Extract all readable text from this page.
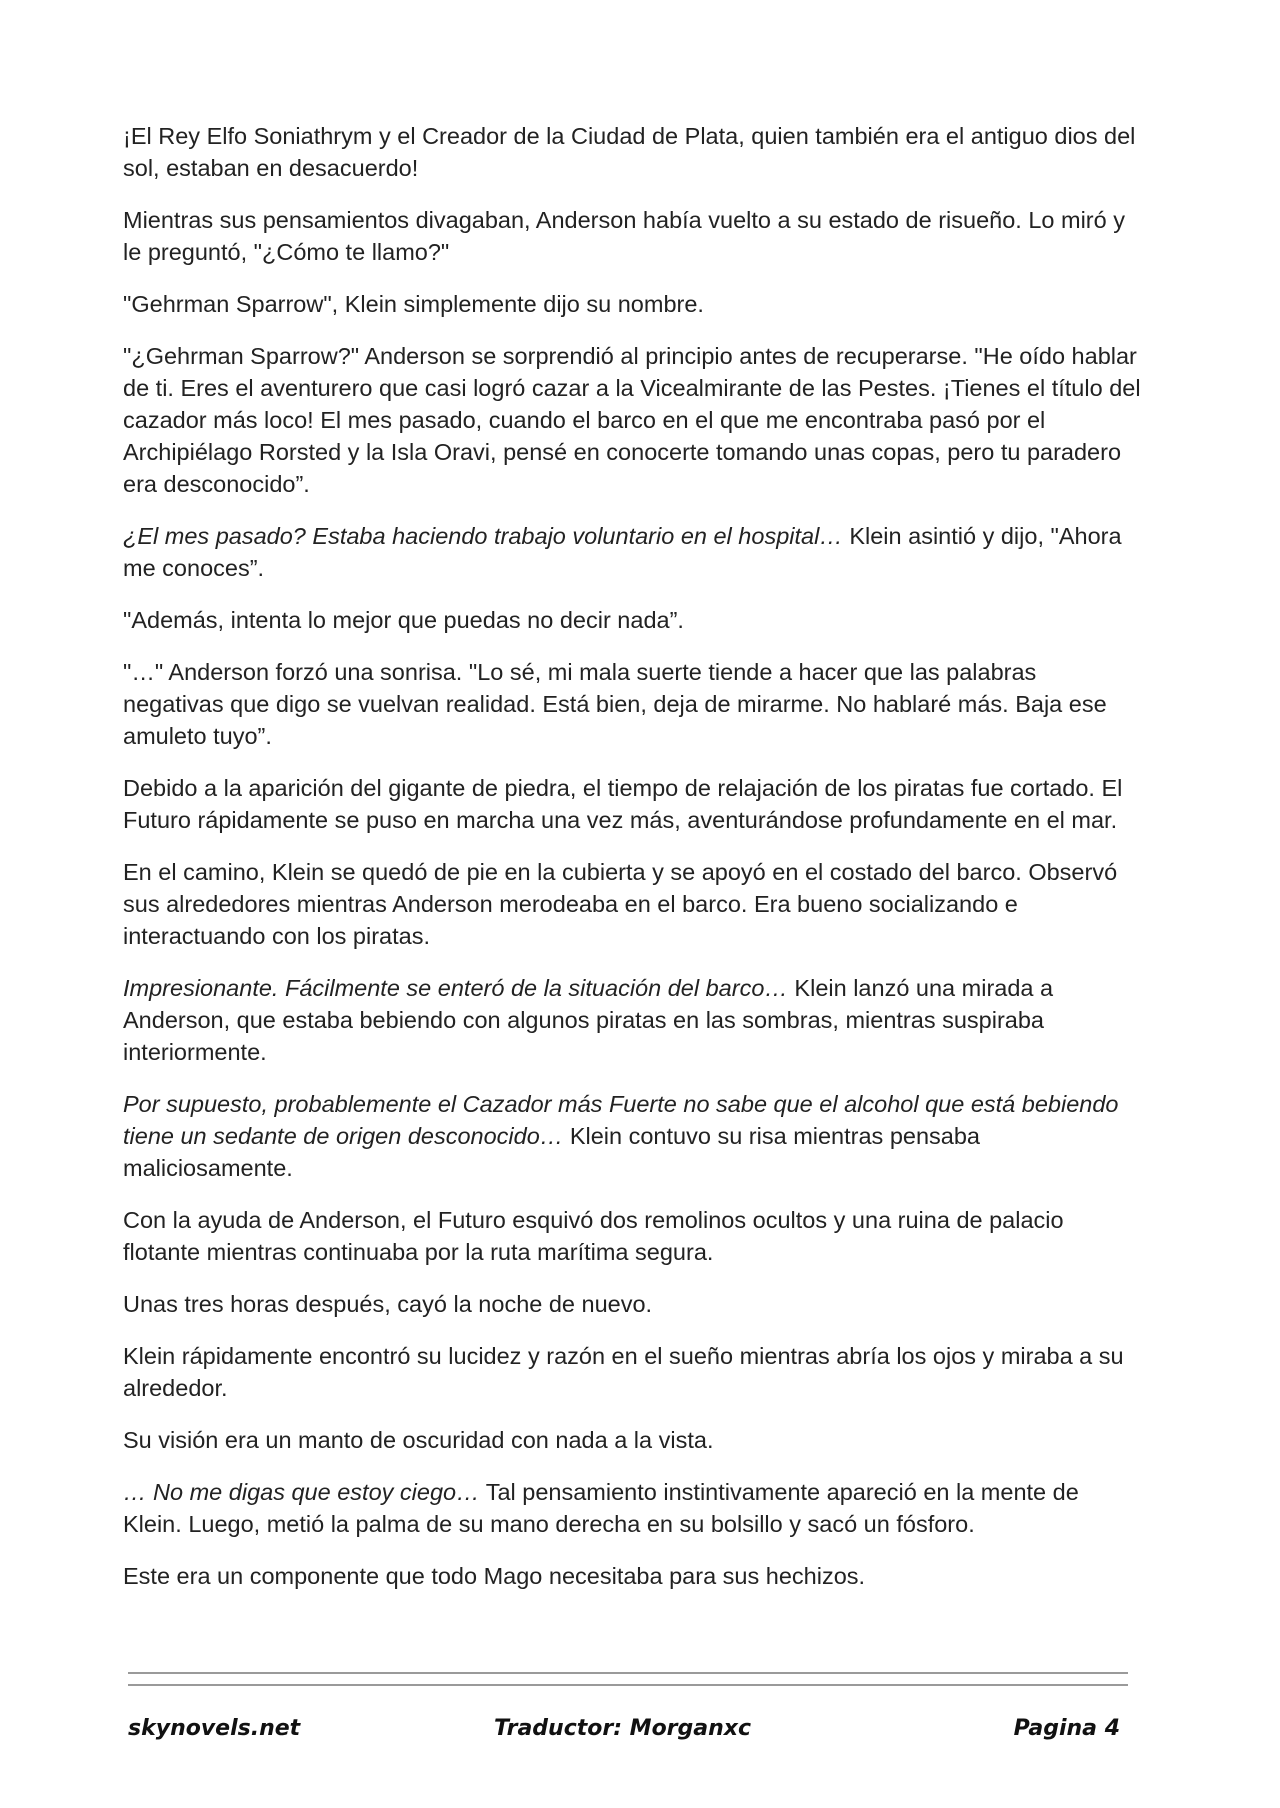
¡El Rey Elfo Soniathrym y el Creador de la Ciudad de Plata, quien también era el antiguo dios del sol, estaban en desacuerdo!

Mientras sus pensamientos divagaban, Anderson había vuelto a su estado de risueño. Lo miró y le preguntó, "¿Cómo te llamo?"

"Gehrman Sparrow", Klein simplemente dijo su nombre.

"¿Gehrman Sparrow?" Anderson se sorprendió al principio antes de recuperarse. "He oído hablar de ti. Eres el aventurero que casi logró cazar a la Vicealmirante de las Pestes. ¡Tienes el título del cazador más loco! El mes pasado, cuando el barco en el que me encontraba pasó por el Archipiélago Rorsted y la Isla Oravi, pensé en conocerte tomando unas copas, pero tu paradero era desconocido”.

¿El mes pasado? Estaba haciendo trabajo voluntario en el hospital… Klein asintió y dijo, "Ahora me conoces”.

"Además, intenta lo mejor que puedas no decir nada”.

"…" Anderson forzó una sonrisa. "Lo sé, mi mala suerte tiende a hacer que las palabras negativas que digo se vuelvan realidad. Está bien, deja de mirarme. No hablaré más. Baja ese amuleto tuyo”.

Debido a la aparición del gigante de piedra, el tiempo de relajación de los piratas fue cortado. El Futuro rápidamente se puso en marcha una vez más, aventurándose profundamente en el mar.

En el camino, Klein se quedó de pie en la cubierta y se apoyó en el costado del barco. Observó sus alrededores mientras Anderson merodeaba en el barco. Era bueno socializando e interactuando con los piratas.

Impresionante. Fácilmente se enteró de la situación del barco… Klein lanzó una mirada a Anderson, que estaba bebiendo con algunos piratas en las sombras, mientras suspiraba interiormente.

Por supuesto, probablemente el Cazador más Fuerte no sabe que el alcohol que está bebiendo tiene un sedante de origen desconocido… Klein contuvo su risa mientras pensaba maliciosamente.

Con la ayuda de Anderson, el Futuro esquivó dos remolinos ocultos y una ruina de palacio flotante mientras continuaba por la ruta marítima segura.

Unas tres horas después, cayó la noche de nuevo.

Klein rápidamente encontró su lucidez y razón en el sueño mientras abría los ojos y miraba a su alrededor.

Su visión era un manto de oscuridad con nada a la vista.

… No me digas que estoy ciego… Tal pensamiento instintivamente apareció en la mente de Klein. Luego, metió la palma de su mano derecha en su bolsillo y sacó un fósforo.

Este era un componente que todo Mago necesitaba para sus hechizos.

skynovels.net	Traductor: Morganxc	Pagina 4
